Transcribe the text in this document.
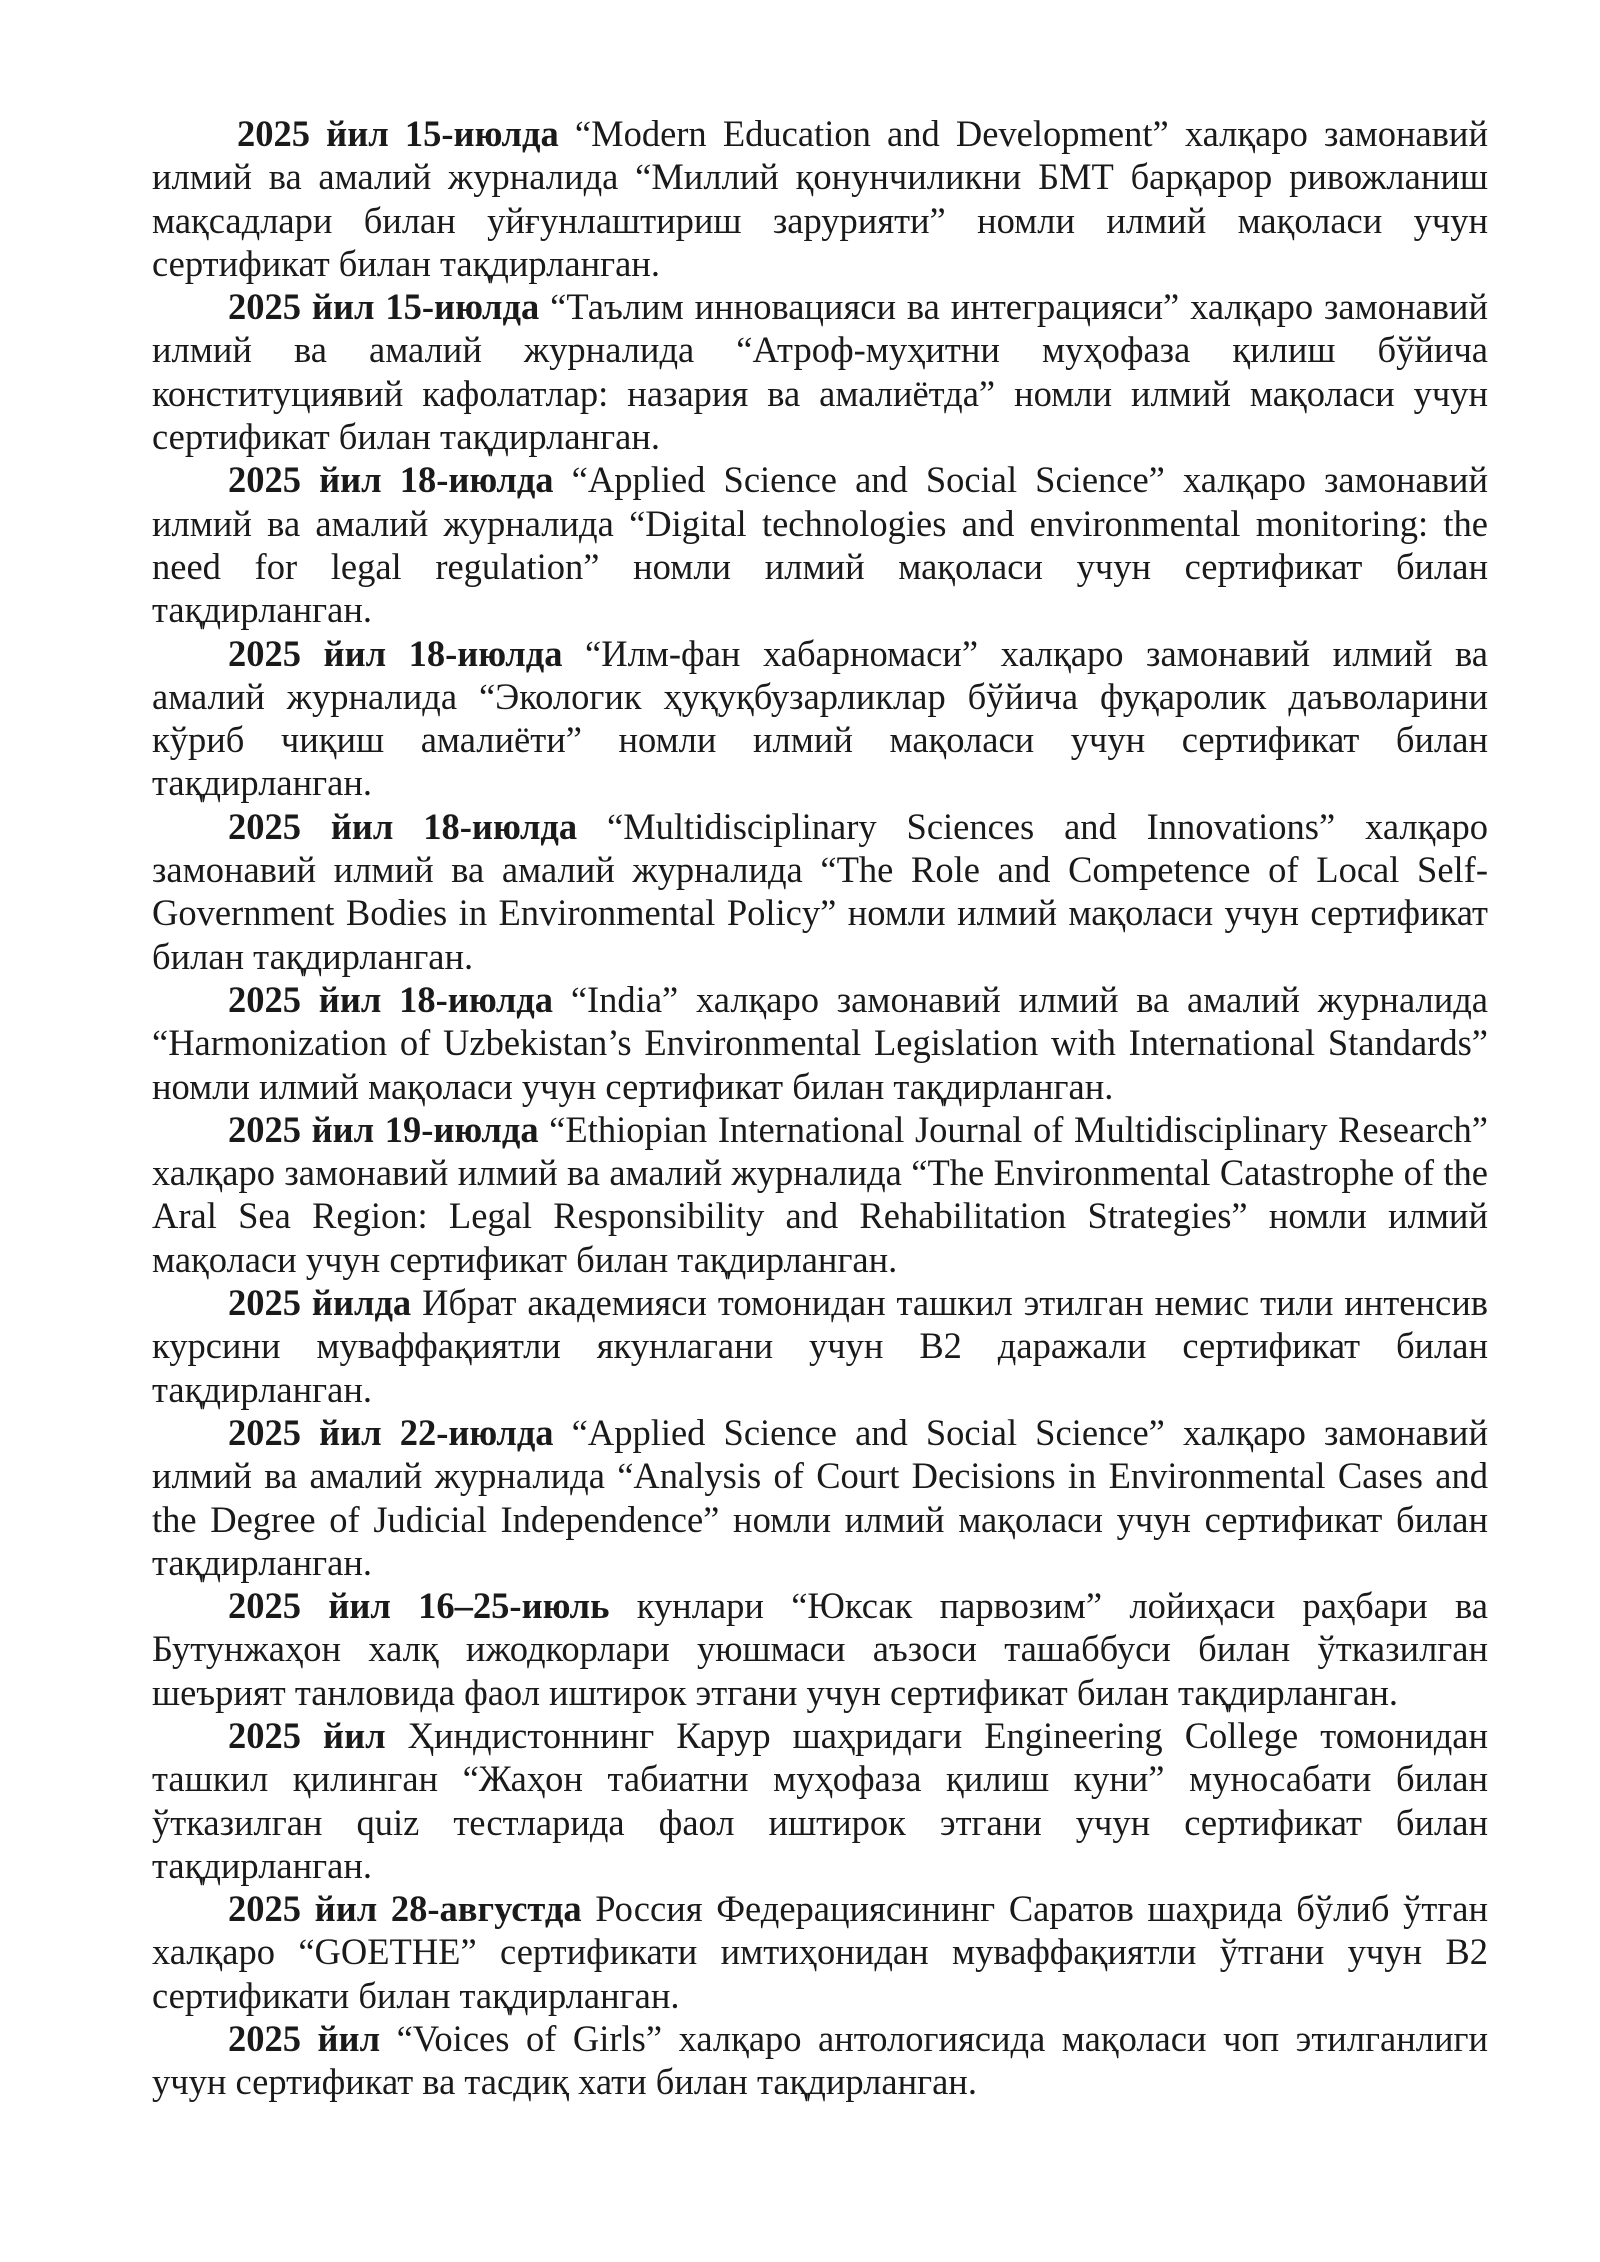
2025 йил 15-июлда “Modern Education and Development” халқаро замонавий илмий ва амалий журналида “Миллий қонунчиликни БМТ барқарор ривожланиш мақсадлари билан уйғунлаштириш зарурияти” номли илмий мақоласи учун сертификат билан тақдирланган.

2025 йил 15-июлда “Таълим инновацияси ва интеграцияси” халқаро замонавий илмий ва амалий журналида “Атроф-муҳитни муҳофаза қилиш бўйича конституциявий кафолатлар: назария ва амалиётда” номли илмий мақоласи учун сертификат билан тақдирланган.

2025 йил 18-июлда “Applied Science and Social Science” халқаро замонавий илмий ва амалий журналида “Digital technologies and environmental monitoring: the need for legal regulation” номли илмий мақоласи учун сертификат билан тақдирланган.

2025 йил 18-июлда “Илм-фан хабарномаси” халқаро замонавий илмий ва амалий журналида “Экологик ҳуқуқбузарликлар бўйича фуқаролик даъволарини кўриб чиқиш амалиёти” номли илмий мақоласи учун сертификат билан тақдирланган.

2025 йил 18-июлда “Multidisciplinary Sciences and Innovations” халқаро замонавий илмий ва амалий журналида “The Role and Competence of Local Self-Government Bodies in Environmental Policy” номли илмий мақоласи учун сертификат билан тақдирланган.

2025 йил 18-июлда “India” халқаро замонавий илмий ва амалий журналида “Harmonization of Uzbekistan’s Environmental Legislation with International Standards” номли илмий мақоласи учун сертификат билан тақдирланган.

2025 йил 19-июлда “Ethiopian International Journal of Multidisciplinary Research” халқаро замонавий илмий ва амалий журналида “The Environmental Catastrophe of the Aral Sea Region: Legal Responsibility and Rehabilitation Strategies” номли илмий мақоласи учун сертификат билан тақдирланган.

2025 йилда Ибрат академияси томонидан ташкил этилган немис тили интенсив курсини муваффақиятли якунлагани учун B2 даражали сертификат билан тақдирланган.

2025 йил 22-июлда “Applied Science and Social Science” халқаро замонавий илмий ва амалий журналида “Analysis of Court Decisions in Environmental Cases and the Degree of Judicial Independence” номли илмий мақоласи учун сертификат билан тақдирланган.

2025 йил 16–25-июль кунлари “Юксак парвозим” лойиҳаси раҳбари ва Бутунжаҳон халқ ижодкорлари уюшмаси аъзоси ташаббуси билан ўтказилган шеърият танловида фаол иштирок этгани учун сертификат билан тақдирланган.

2025 йил Ҳиндистоннинг Карур шаҳридаги Engineering College томонидан ташкил қилинган “Жаҳон табиатни муҳофаза қилиш куни” муносабати билан ўтказилган quiz тестларида фаол иштирок этгани учун сертификат билан тақдирланган.

2025 йил 28-августда Россия Федерациясининг Саратов шаҳрида бўлиб ўтган халқаро “GOETHE” сертификати имтиҳонидан муваффақиятли ўтгани учун B2 сертификати билан тақдирланган.

2025 йил “Voices of Girls” халқаро антологиясида мақоласи чоп этилганлиги учун сертификат ва тасдиқ хати билан тақдирланган.
